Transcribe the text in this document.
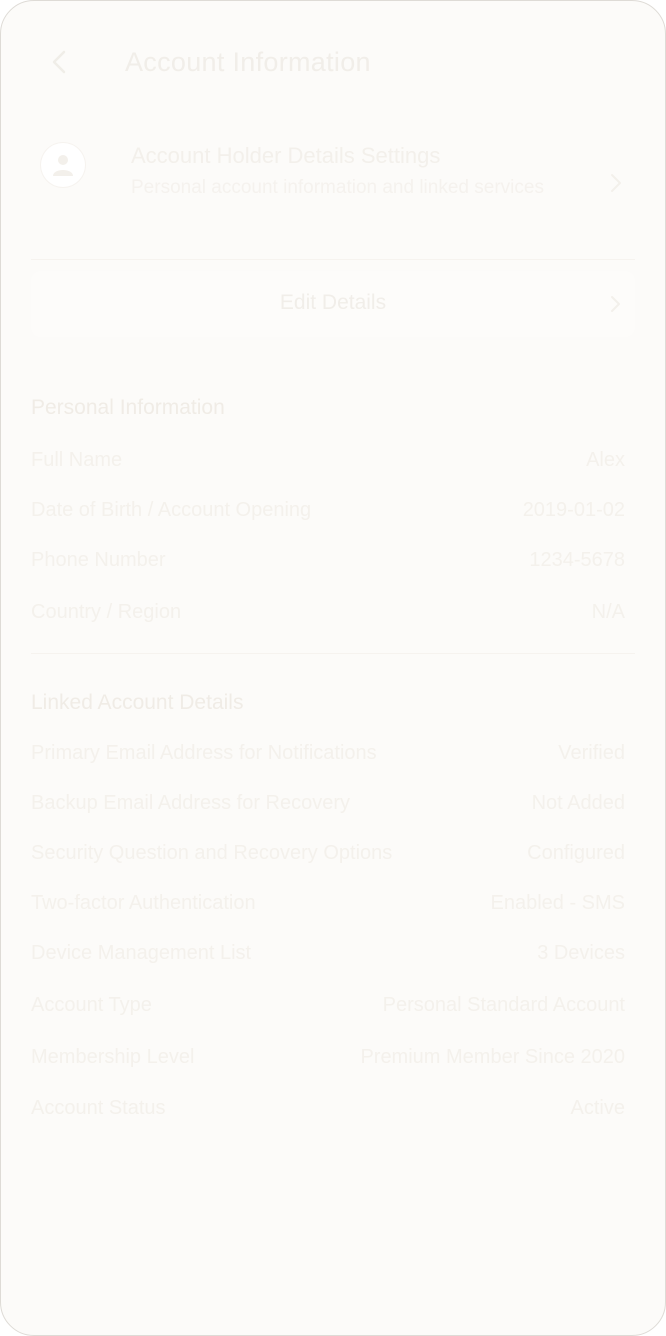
Account Information
Account Holder Details Settings
Personal account information and linked services
Edit Details
Personal Information
Full Name	Alex
Date of Birth / Account Opening	2019-01-02
Phone Number	1234-5678
Country / Region	N/A
Linked Account Details
Primary Email Address for Notifications	Verified
Backup Email Address for Recovery	Not Added
Security Question and Recovery Options	Configured
Two-factor Authentication	Enabled - SMS
Device Management List	3 Devices
Account Type	Personal Standard Account
Membership Level	Premium Member Since 2020
Account Status	Active
